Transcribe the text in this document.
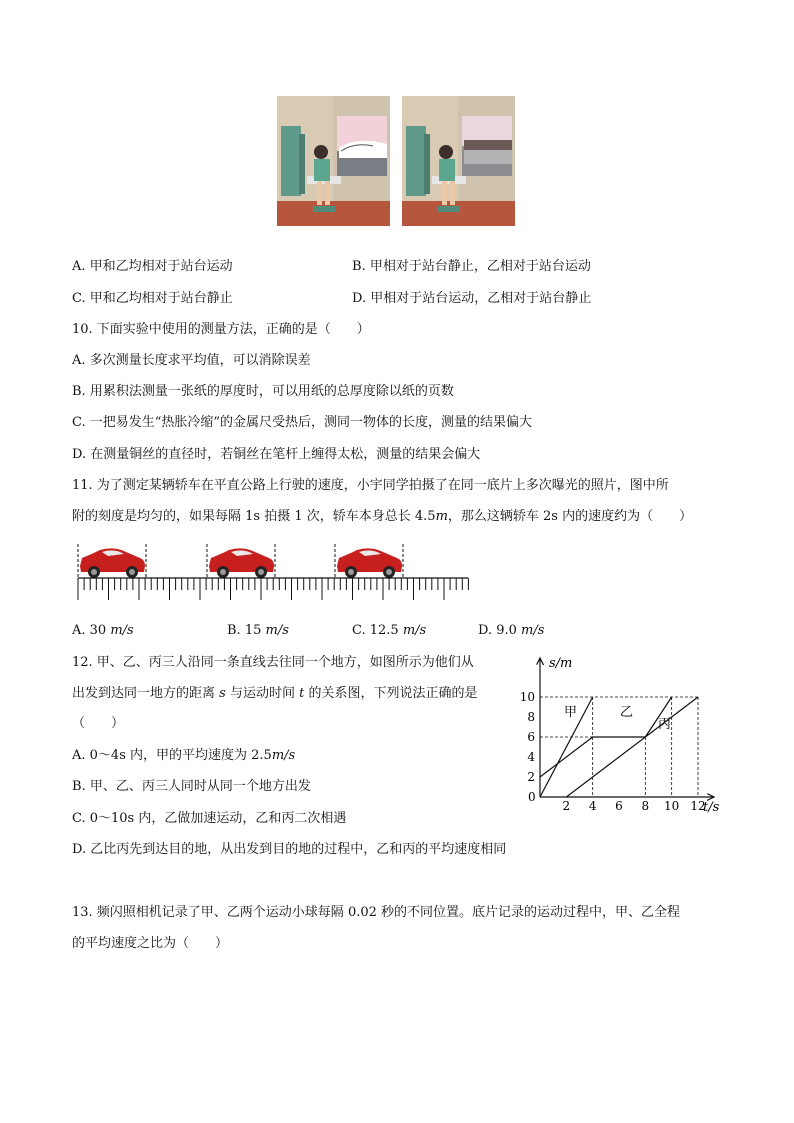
A. 甲和乙均相对于站台运动	B. 甲相对于站台静止，乙相对于站台运动
C. 甲和乙均相对于站台静止	D. 甲相对于站台运动，乙相对于站台静止
10. 下面实验中使用的测量方法，正确的是（　　）
A. 多次测量长度求平均值，可以消除误差
B. 用累积法测量一张纸的厚度时，可以用纸的总厚度除以纸的页数
C. 一把易发生“热胀冷缩”的金属尺受热后，测同一物体的长度，测量的结果偏大
D. 在测量铜丝的直径时，若铜丝在笔杆上缠得太松，测量的结果会偏大
11. 为了测定某辆轿车在平直公路上行驶的速度，小宇同学拍摄了在同一底片上多次曝光的照片，图中所
附的刻度是均匀的，如果每隔 1s 拍摄 1 次，轿车本身总长 4.5m，那么这辆轿车 2s 内的速度约为（　　）
A. 30 m/s	B. 15 m/s	C. 12.5 m/s	D. 9.0 m/s
12. 甲、乙、丙三人沿同一条直线去往同一个地方，如图所示为他们从
出发到达同一地方的距离 s 与运动时间 t 的关系图，下列说法正确的是
（　　）
A. 0～4s 内，甲的平均速度为 2.5m/s
B. 甲、乙、丙三人同时从同一个地方出发
C. 0～10s 内，乙做加速运动，乙和丙二次相遇
D. 乙比丙先到达目的地，从出发到目的地的过程中，乙和丙的平均速度相同
2 4 6 8 10 12
2
4
6
8
10
s/m
t/s
0
甲	乙
丙
13. 频闪照相机记录了甲、乙两个运动小球每隔 0.02 秒的不同位置。底片记录的运动过程中，甲、乙全程
的平均速度之比为（　　）
